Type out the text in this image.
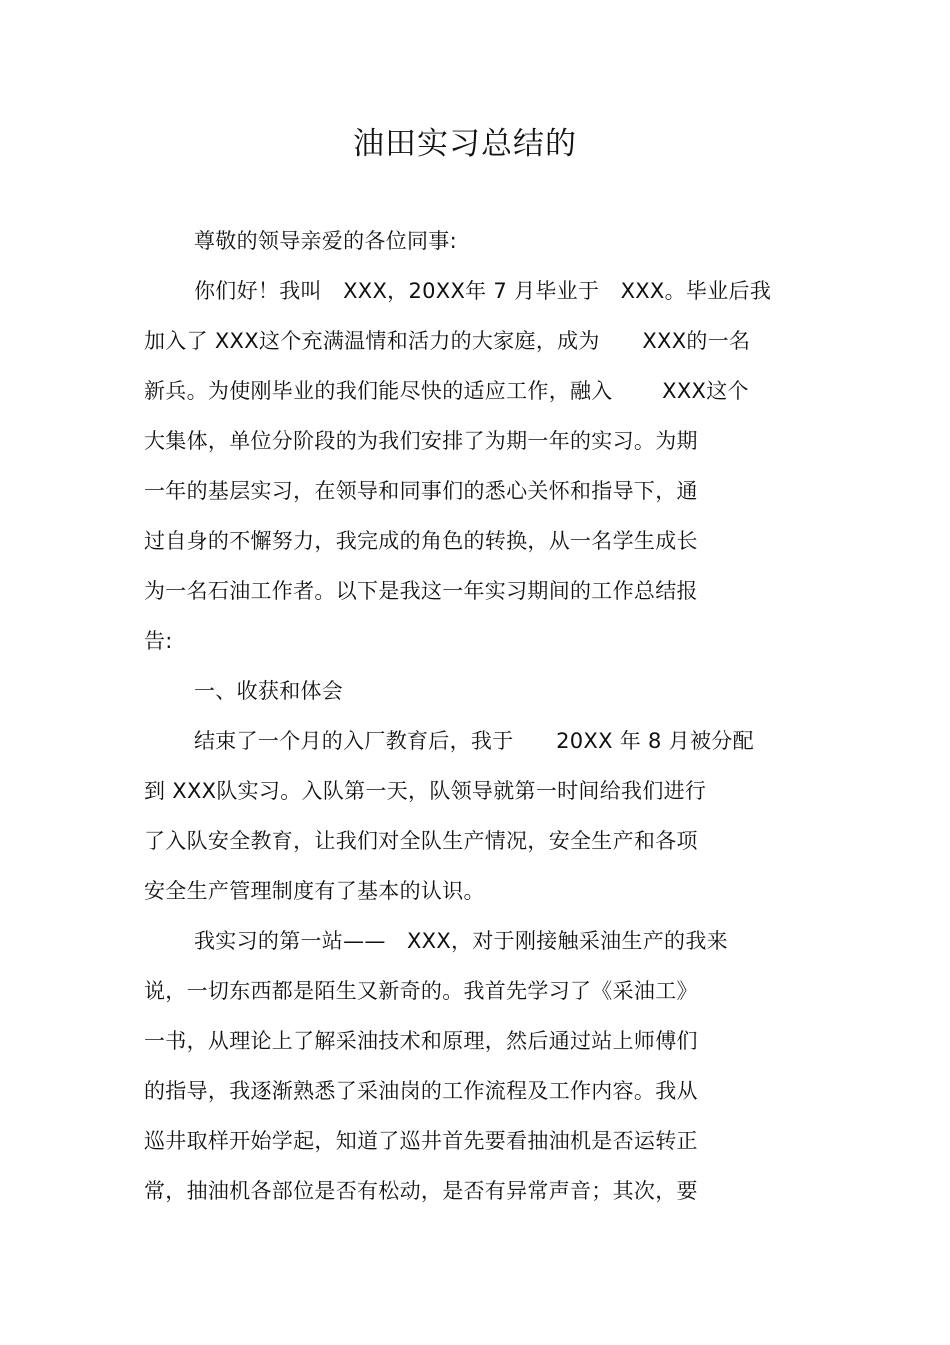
油田实习总结的
尊敬的领导亲爱的各位同事:
你们好！我叫　XXX，20XX年 7 月毕业于　XXX。毕业后我
加入了 XXX这个充满温情和活力的大家庭，成为　　XXX的一名
新兵。为使刚毕业的我们能尽快的适应工作，融入　　 XXX这个
大集体，单位分阶段的为我们安排了为期一年的实习。为期
一年的基层实习，在领导和同事们的悉心关怀和指导下，通
过自身的不懈努力，我完成的角色的转换，从一名学生成长
为一名石油工作者。以下是我这一年实习期间的工作总结报
告:
一、收获和体会
结束了一个月的入厂教育后，我于　　20XX 年 8 月被分配
到 XXX队实习。入队第一天，队领导就第一时间给我们进行
了入队安全教育，让我们对全队生产情况，安全生产和各项
安全生产管理制度有了基本的认识。
我实习的第一站——　XXX，对于刚接触采油生产的我来
说，一切东西都是陌生又新奇的。我首先学习了《采油工》
一书，从理论上了解采油技术和原理，然后通过站上师傅们
的指导，我逐渐熟悉了采油岗的工作流程及工作内容。我从
巡井取样开始学起，知道了巡井首先要看抽油机是否运转正
常，抽油机各部位是否有松动，是否有异常声音；其次，要
